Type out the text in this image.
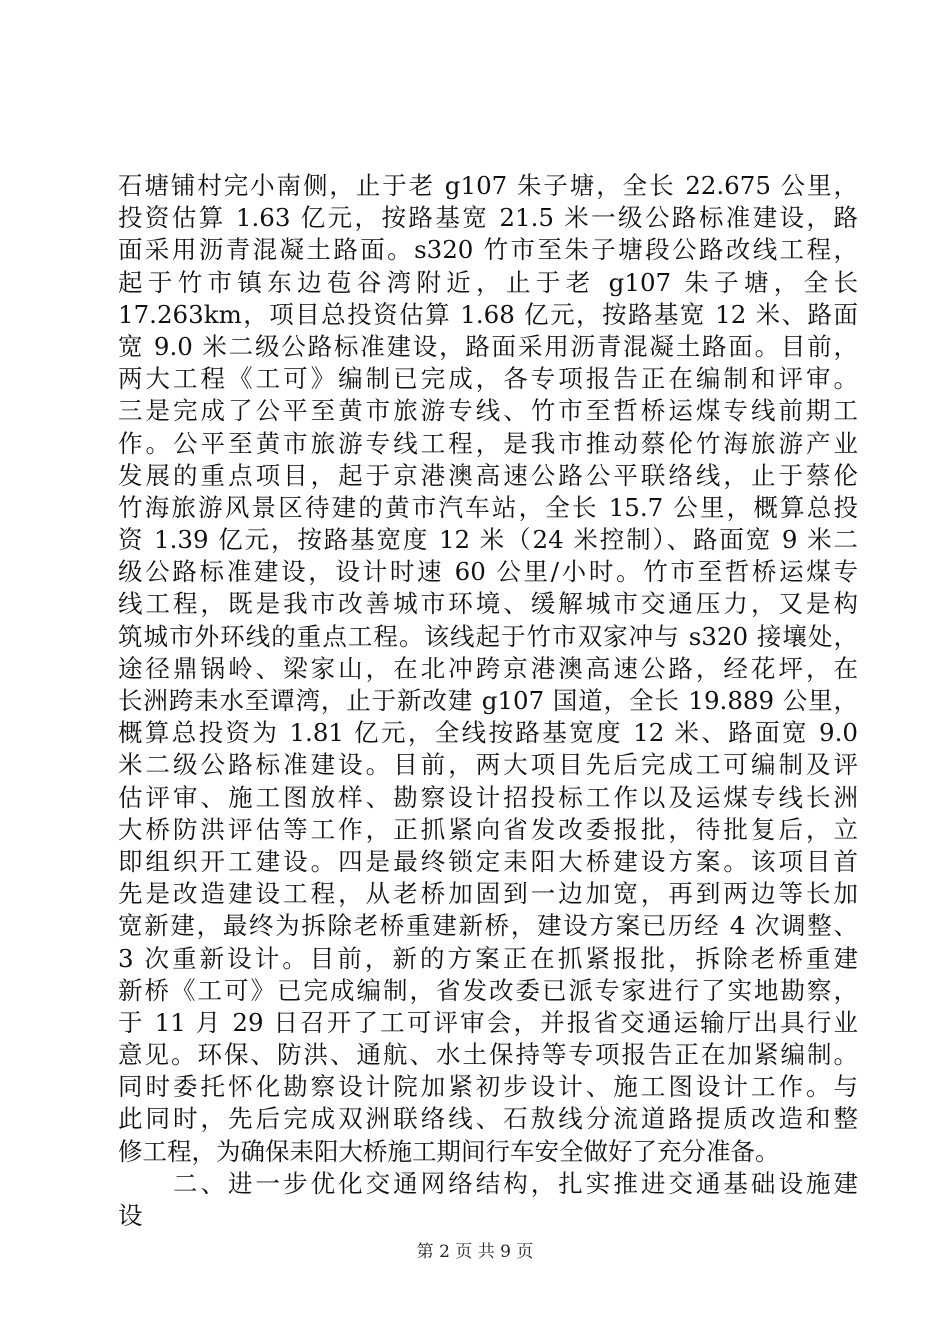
石塘铺村完小南侧，止于老 g107 朱子塘，全长 22.675 公里，
投资估算 1.63 亿元，按路基宽 21.5 米一级公路标准建设，路
面采用沥青混凝土路面。s320 竹市至朱子塘段公路改线工程，
起于竹市镇东边苞谷湾附近，止于老 g107 朱子塘，全长
17.263km，项目总投资估算 1.68 亿元，按路基宽 12 米、路面
宽 9.0 米二级公路标准建设，路面采用沥青混凝土路面。目前，
两大工程《工可》编制已完成，各专项报告正在编制和评审。
三是完成了公平至黄市旅游专线、竹市至哲桥运煤专线前期工
作。公平至黄市旅游专线工程，是我市推动蔡伦竹海旅游产业
发展的重点项目，起于京港澳高速公路公平联络线，止于蔡伦
竹海旅游风景区待建的黄市汽车站，全长 15.7 公里，概算总投
资 1.39 亿元，按路基宽度 12 米（24 米控制）、路面宽 9 米二
级公路标准建设，设计时速 60 公里/小时。竹市至哲桥运煤专
线工程，既是我市改善城市环境、缓解城市交通压力，又是构
筑城市外环线的重点工程。该线起于竹市双家冲与 s320 接壤处，
途径鼎锅岭、梁家山，在北冲跨京港澳高速公路，经花坪，在
长洲跨耒水至谭湾，止于新改建 g107 国道，全长 19.889 公里，
概算总投资为 1.81 亿元，全线按路基宽度 12 米、路面宽 9.0
米二级公路标准建设。目前，两大项目先后完成工可编制及评
估评审、施工图放样、勘察设计招投标工作以及运煤专线长洲
大桥防洪评估等工作，正抓紧向省发改委报批，待批复后，立
即组织开工建设。四是最终锁定耒阳大桥建设方案。该项目首
先是改造建设工程，从老桥加固到一边加宽，再到两边等长加
宽新建，最终为拆除老桥重建新桥，建设方案已历经 4 次调整、
3 次重新设计。目前，新的方案正在抓紧报批，拆除老桥重建
新桥《工可》已完成编制，省发改委已派专家进行了实地勘察，
于 11 月 29 日召开了工可评审会，并报省交通运输厅出具行业
意见。环保、防洪、通航、水土保持等专项报告正在加紧编制。
同时委托怀化勘察设计院加紧初步设计、施工图设计工作。与
此同时，先后完成双洲联络线、石敖线分流道路提质改造和整
修工程，为确保耒阳大桥施工期间行车安全做好了充分准备。
二、进一步优化交通网络结构，扎实推进交通基础设施建
设
第 2 页 共 9 页
